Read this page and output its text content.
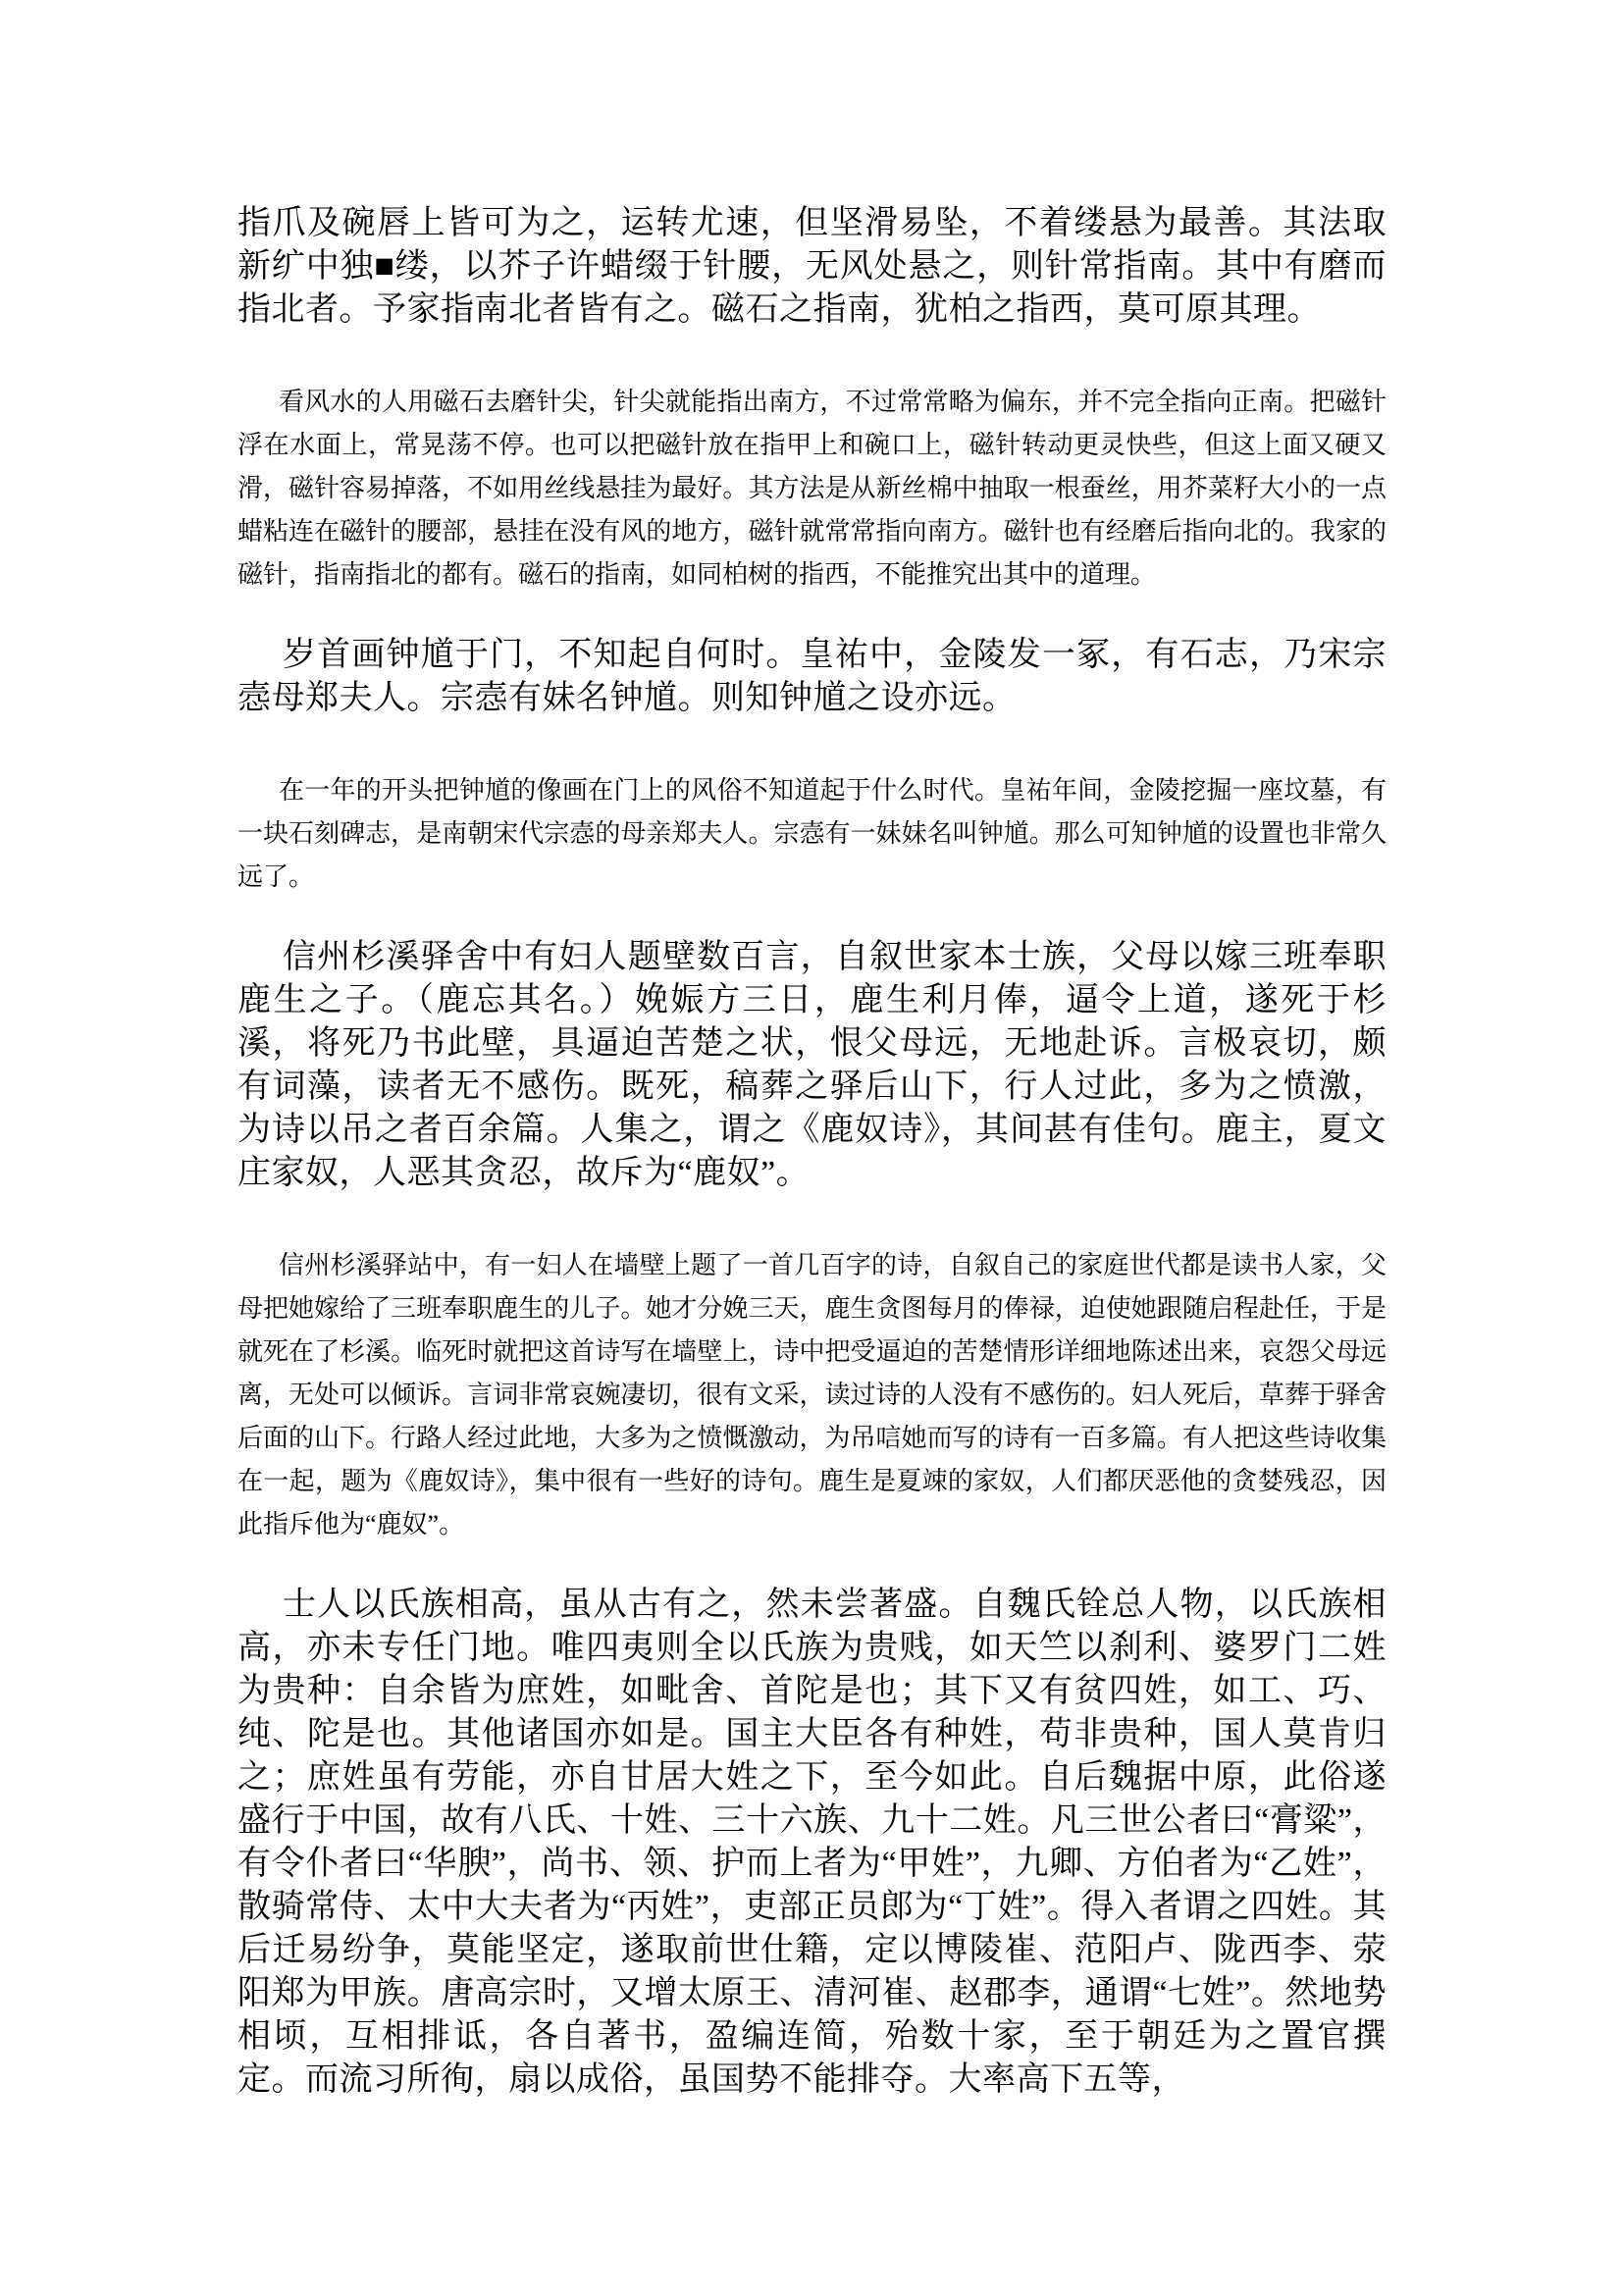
指爪及碗唇上皆可为之，运转尤速，但坚滑易坠，不着缕悬为最善。其法取新纩中独■缕，以芥子许蜡缀于针腰，无风处悬之，则针常指南。其中有磨而指北者。予家指南北者皆有之。磁石之指南，犹柏之指西，莫可原其理。

看风水的人用磁石去磨针尖，针尖就能指出南方，不过常常略为偏东，并不完全指向正南。把磁针浮在水面上，常晃荡不停。也可以把磁针放在指甲上和碗口上，磁针转动更灵快些，但这上面又硬又滑，磁针容易掉落，不如用丝线悬挂为最好。其方法是从新丝棉中抽取一根蚕丝，用芥菜籽大小的一点蜡粘连在磁针的腰部，悬挂在没有风的地方，磁针就常常指向南方。磁针也有经磨后指向北的。我家的磁针，指南指北的都有。磁石的指南，如同柏树的指西，不能推究出其中的道理。

岁首画钟馗于门，不知起自何时。皇祐中，金陵发一冢，有石志，乃宋宗悫母郑夫人。宗悫有妹名钟馗。则知钟馗之设亦远。

在一年的开头把钟馗的像画在门上的风俗不知道起于什么时代。皇祐年间，金陵挖掘一座坟墓，有一块石刻碑志，是南朝宋代宗悫的母亲郑夫人。宗悫有一妹妹名叫钟馗。那么可知钟馗的设置也非常久远了。

信州杉溪驿舍中有妇人题壁数百言，自叙世家本士族，父母以嫁三班奉职鹿生之子。（鹿忘其名。）娩娠方三日，鹿生利月俸，逼令上道，遂死于杉溪，将死乃书此壁，具逼迫苦楚之状，恨父母远，无地赴诉。言极哀切，颇有词藻，读者无不感伤。既死，稿葬之驿后山下，行人过此，多为之愤激，为诗以吊之者百余篇。人集之，谓之《鹿奴诗》，其间甚有佳句。鹿主，夏文庄家奴，人恶其贪忍，故斥为“鹿奴”。

信州杉溪驿站中，有一妇人在墙壁上题了一首几百字的诗，自叙自己的家庭世代都是读书人家，父母把她嫁给了三班奉职鹿生的儿子。她才分娩三天，鹿生贪图每月的俸禄，迫使她跟随启程赴任，于是就死在了杉溪。临死时就把这首诗写在墙壁上，诗中把受逼迫的苦楚情形详细地陈述出来，哀怨父母远离，无处可以倾诉。言词非常哀婉凄切，很有文采，读过诗的人没有不感伤的。妇人死后，草葬于驿舍后面的山下。行路人经过此地，大多为之愤慨激动，为吊唁她而写的诗有一百多篇。有人把这些诗收集在一起，题为《鹿奴诗》，集中很有一些好的诗句。鹿生是夏竦的家奴，人们都厌恶他的贪婪残忍，因此指斥他为“鹿奴”。

士人以氏族相高，虽从古有之，然未尝著盛。自魏氏铨总人物，以氏族相高，亦未专任门地。唯四夷则全以氏族为贵贱，如天竺以刹利、婆罗门二姓为贵种：自余皆为庶姓，如毗舍、首陀是也；其下又有贫四姓，如工、巧、纯、陀是也。其他诸国亦如是。国主大臣各有种姓，苟非贵种，国人莫肯归之；庶姓虽有劳能，亦自甘居大姓之下，至今如此。自后魏据中原，此俗遂盛行于中国，故有八氏、十姓、三十六族、九十二姓。凡三世公者曰“膏粱”，有令仆者曰“华腴”，尚书、领、护而上者为“甲姓”，九卿、方伯者为“乙姓”，散骑常侍、太中大夫者为“丙姓”，吏部正员郎为“丁姓”。得入者谓之四姓。其后迁易纷争，莫能坚定，遂取前世仕籍，定以博陵崔、范阳卢、陇西李、荥阳郑为甲族。唐高宗时，又增太原王、清河崔、赵郡李，通谓“七姓”。然地势相顷，互相排诋，各自著书，盈编连简，殆数十家，至于朝廷为之置官撰定。而流习所徇，扇以成俗，虽国势不能排夺。大率高下五等，
